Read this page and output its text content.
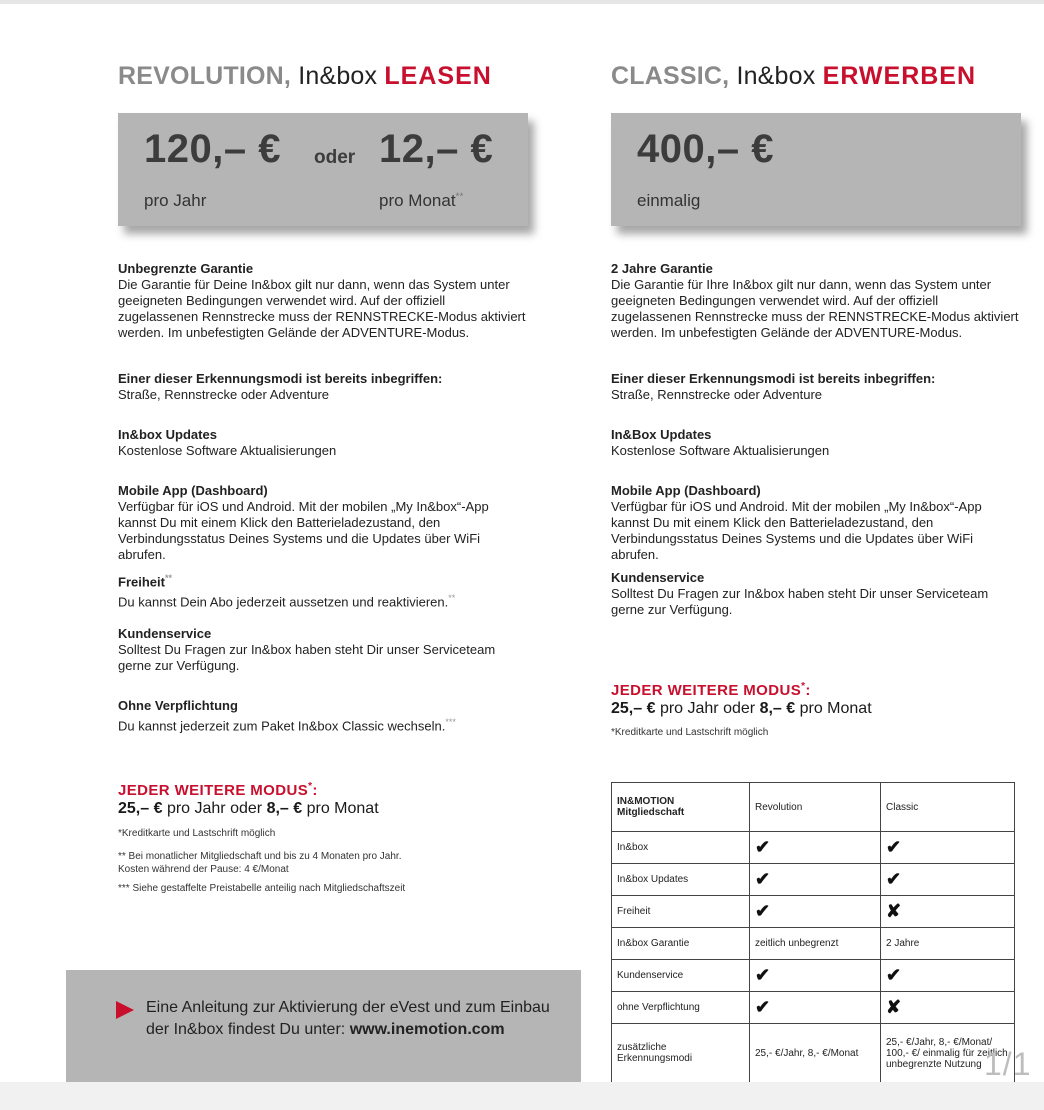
REVOLUTION, In&box LEASEN
120,– € oder 12,– €
pro Jahr	pro Monat**
Unbegrenzte Garantie
Die Garantie für Deine In&box gilt nur dann, wenn das System unter geeigneten Bedingungen verwendet wird. Auf der offiziell zugelassenen Rennstrecke muss der RENNSTRECKE-Modus aktiviert werden. Im unbefestigten Gelände der ADVENTURE-Modus.
Einer dieser Erkennungsmodi ist bereits inbegriffen:
Straße, Rennstrecke oder Adventure
In&box Updates
Kostenlose Software Aktualisierungen
Mobile App (Dashboard)
Verfügbar für iOS und Android. Mit der mobilen „My In&box“-App kannst Du mit einem Klick den Batterieladezustand, den Verbindungsstatus Deines Systems und die Updates über WiFi abrufen.
Freiheit**
Du kannst Dein Abo jederzeit aussetzen und reaktivieren.**
Kundenservice
Solltest Du Fragen zur In&box haben steht Dir unser Serviceteam gerne zur Verfügung.
Ohne Verpflichtung
Du kannst jederzeit zum Paket In&box Classic wechseln.***
JEDER WEITERE MODUS*:
25,– € pro Jahr oder 8,– € pro Monat
*Kreditkarte und Lastschrift möglich
** Bei monatlicher Mitgliedschaft und bis zu 4 Monaten pro Jahr.
Kosten während der Pause: 4 €/Monat
*** Siehe gestaffelte Preistabelle anteilig nach Mitgliedschaftszeit
CLASSIC, In&box ERWERBEN
400,– €
einmalig
2 Jahre Garantie
Die Garantie für Ihre In&box gilt nur dann, wenn das System unter geeigneten Bedingungen verwendet wird. Auf der offiziell zugelassenen Rennstrecke muss der RENNSTRECKE-Modus aktiviert werden. Im unbefestigten Gelände der ADVENTURE-Modus.
Einer dieser Erkennungsmodi ist bereits inbegriffen:
Straße, Rennstrecke oder Adventure
In&Box Updates
Kostenlose Software Aktualisierungen
Mobile App (Dashboard)
Verfügbar für iOS und Android. Mit der mobilen „My In&box“-App kannst Du mit einem Klick den Batterieladezustand, den Verbindungsstatus Deines Systems und die Updates über WiFi abrufen.
Kundenservice
Solltest Du Fragen zur In&box haben steht Dir unser Serviceteam gerne zur Verfügung.
JEDER WEITERE MODUS*:
25,– € pro Jahr oder 8,– € pro Monat
*Kreditkarte und Lastschrift möglich
IN&MOTION Mitgliedschaft	Revolution	Classic
In&box	✔	✔
In&box Updates	✔	✔
Freiheit	✔	✘
In&box Garantie	zeitlich unbegrenzt	2 Jahre
Kundenservice	✔	✔
ohne Verpflichtung	✔	✘
zusätzliche Erkennungsmodi	25,- €/Jahr, 8,- €/Monat	25,- €/Jahr, 8,- €/Monat/ 100,- €/ einmalig für zeitlich unbegrenzte Nutzung 1/1
Eine Anleitung zur Aktivierung der eVest und zum Einbau der In&box findest Du unter: www.inemotion.com
